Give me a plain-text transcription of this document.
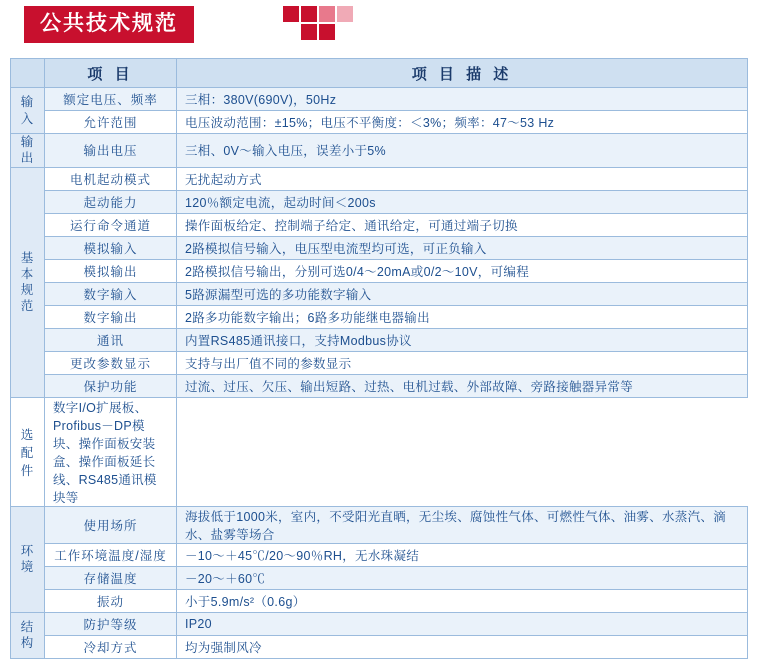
公共技术规范
	项 目	项 目 描 述

输
入	额定电压、频率	三相：380V(690V)，50Hz
	允许范围	电压波动范围：±15%；电压不平衡度：＜3%；频率：47～53 Hz

输
出	输出电压	三相、0V～输入电压，误差小于5%

基
本
规
范	电机起动模式	无扰起动方式
	起动能力	120％额定电流，起动时间＜200s
	运行命令通道	操作面板给定、控制端子给定、通讯给定，可通过端子切换
	模拟输入	2路模拟信号输入，电压型电流型均可选，可正负输入
	模拟输出	2路模拟信号输出，分别可选0/4～20mA或0/2～10V，可编程
	数字输入	5路源漏型可选的多功能数字输入
	数字输出	2路多功能数字输出；6路多功能继电器输出
	通讯	内置RS485通讯接口，支持Modbus协议
	更改参数显示	支持与出厂值不同的参数显示
	保护功能	过流、过压、欠压、输出短路、过热、电机过载、外部故障、旁路接触器异常等
选 配 件	数字I/O扩展板、Profibus－DP模块、操作面板安装盒、操作面板延长线、RS485通讯模块等	

环
境	使用场所	海拔低于1000米，室内，不受阳光直晒，无尘埃、腐蚀性气体、可燃性气体、油雾、水蒸汽、滴水、盐雾等场合
	工作环境温度/湿度	－10～＋45℃/20～90％RH，无水珠凝结
	存储温度	－20～＋60℃
	振动	小于5.9m/s²（0.6g）

结
构	防护等级	IP20
	冷却方式	均为强制风冷
